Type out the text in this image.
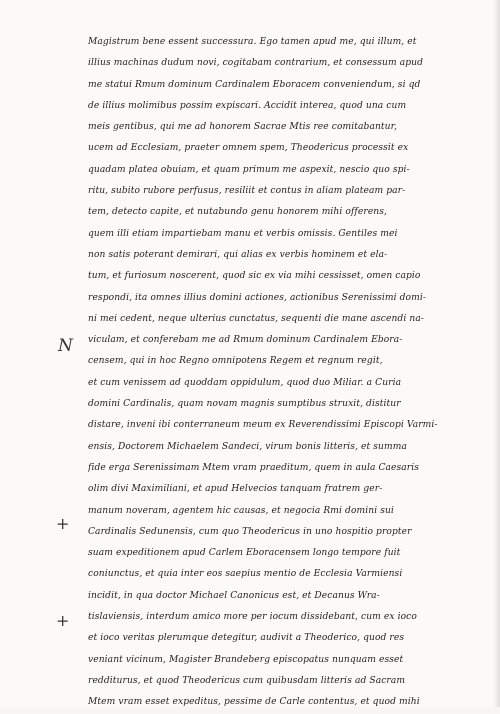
Magistrum bene essent successura. Ego tamen apud me, qui illum, et
illius machinas dudum novi, cogitabam contrarium, et consessum apud
me statui Rmum dominum Cardinalem Eboracem conveniendum, si qd
de illius molimibus possim expiscari. Accidit interea, quod una cum
meis gentibus, qui me ad honorem Sacrae Mtis ree comitabantur,
ucem ad Ecclesiam, praeter omnem spem, Theodericus processit ex
quadam platea obuiam, et quam primum me aspexit, nescio quo spi-
ritu, subito rubore perfusus, resiliit et contus in aliam plateam par-
tem, detecto capite, et nutabundo genu honorem mihi offerens,
quem illi etiam impartiebam manu et verbis omissis. Gentiles mei
non satis poterant demirari, qui alias ex verbis hominem et ela-
tum, et furiosum noscerent, quod sic ex via mihi cessisset, omen capio
respondi, ita omnes illius domini actiones, actionibus Serenissimi domi-
ni mei cedent, neque ulterius cunctatus, sequenti die mane ascendi na-
viculam, et conferebam me ad Rmum dominum Cardinalem Ebora-
censem, qui in hoc Regno omnipotens Regem et regnum regit,
et cum venissem ad quoddam oppidulum, quod duo Miliar. a Curia
domini Cardinalis, quam novam magnis sumptibus struxit, distitur
distare, inveni ibi conterraneum meum ex Reverendissimi Episcopi Varmi-
ensis, Doctorem Michaelem Sandeci, virum bonis litteris, et summa
fide erga Serenissimam Mtem vram praeditum, quem in aula Caesaris
olim divi Maximiliani, et apud Helvecios tanquam fratrem ger-
manum noveram, agentem hic causas, et negocia Rmi domini sui
Cardinalis Sedunensis, cum quo Theodericus in uno hospitio propter
suam expeditionem apud Carlem Eboracensem longo tempore fuit
coniunctus, et quia inter eos saepius mentio de Ecclesia Varmiensi
incidit, in qua doctor Michael Canonicus est, et Decanus Wra-
tislaviensis, interdum amico more per iocum dissidebant, cum ex ioco
et ioco veritas plerumque detegitur, audivit a Theoderico, quod res
veniant vicinum, Magister Brandeberg episcopatus nunquam esset
redditurus, et quod Theodericus cum quibusdam litteris ad Sacram
Mtem vram esset expeditus, pessime de Carle contentus, et quod mihi
N
+
+
